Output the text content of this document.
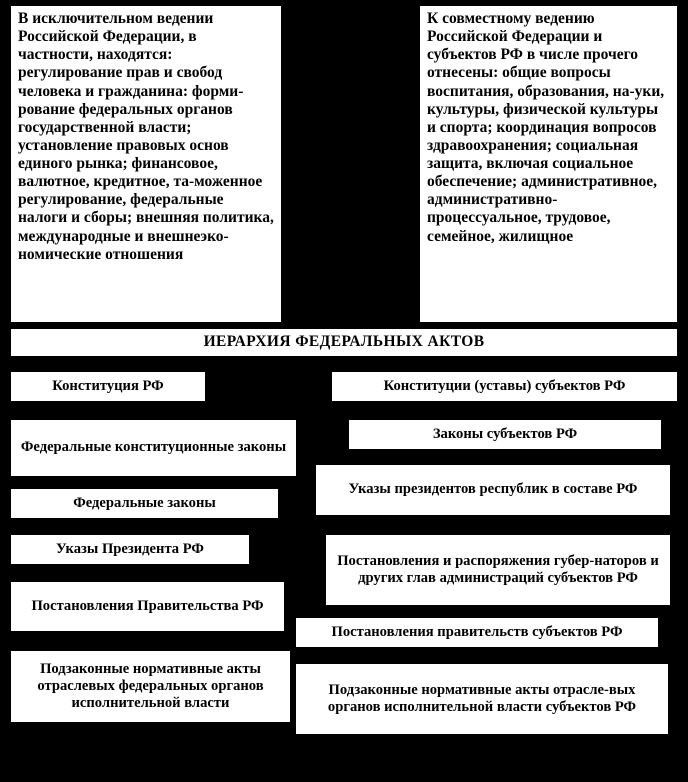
В исключительном ведении Российской Федерации, в частности, находятся: регулирование прав и свобод человека и гражданина: форми-рование федеральных органов государственной власти; установление правовых основ единого рынка; финансовое, валютное, кредитное, та-моженное регулирование, федеральные налоги и сборы; внешняя политика, международные и внешнеэко-номические отношения
К совместному ведению Российской Федерации и субъектов РФ в числе прочего отнесены: общие вопросы воспитания, образования, на-уки, культуры, физической культуры и спорта; координация вопросов здравоохранения; социальная защита, включая социальное обеспечение; административное, административно-процессуальное, трудовое, семейное, жилищное
ИЕРАРХИЯ ФЕДЕРАЛЬНЫХ АКТОВ
Конституция РФ
Федеральные конституционные законы
Федеральные законы
Указы Президента РФ
Постановления Правительства РФ
Подзаконные нормативные акты отраслевых федеральных органов исполнительной власти
Конституции (уставы) субъектов РФ
Законы субъектов РФ
Указы президентов республик в составе РФ
Постановления и распоряжения губер-наторов и других глав администраций субъектов РФ
Постановления правительств субъектов РФ
Подзаконные нормативные акты отрасле-вых органов исполнительной власти субъектов РФ
